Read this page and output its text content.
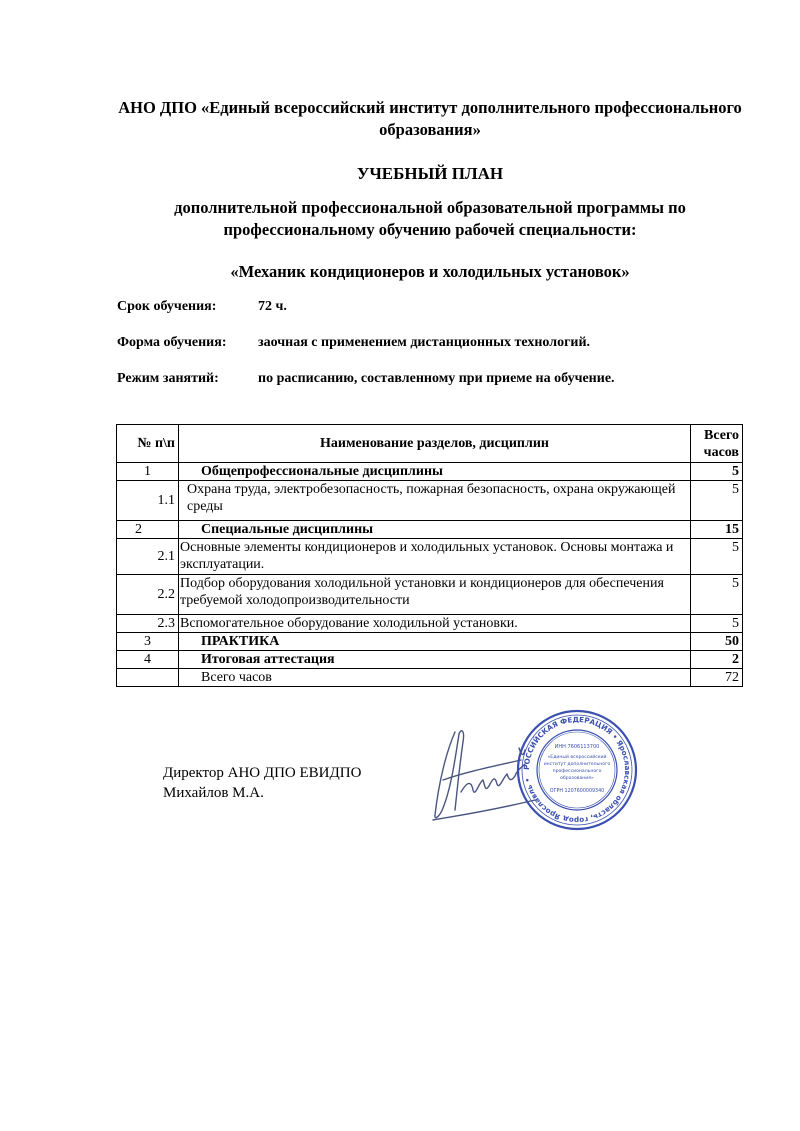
АНО ДПО «Единый всероссийский институт дополнительного профессионального образования»
УЧЕБНЫЙ ПЛАН
дополнительной профессиональной образовательной программы по профессиональному обучению рабочей специальности:
«Механик кондиционеров и холодильных установок»
Срок обучения:	72 ч.
Форма обучения: заочная с применением дистанционных технологий.
Режим занятий:	по расписанию, составленному при приеме на обучение.
№ п\п	Наименование разделов, дисциплин	Всего часов
1	Общепрофессиональные дисциплины	5
1.1	Охрана труда, электробезопасность, пожарная безопасность, охрана окружающей среды	5
2	Специальные дисциплины	15
2.1	Основные элементы кондиционеров и холодильных установок. Основы монтажа и эксплуатации.	5
2.2	Подбор оборудования холодильной установки и кондиционеров для обеспечения требуемой холодопроизводительности	5
2.3	Вспомогательное оборудование холодильной установки.	5
3	ПРАКТИКА	50
4	Итоговая аттестация	2
	Всего часов	72
Директор АНО ДПО ЕВИДПО
Михайлов М.А.
РОССИЙСКАЯ ФЕДЕРАЦИЯ • Ярославская область, город Ярославль •
ИНН 7606113700
«Единый всероссийский
институт дополнительного
профессионального
образования»
ОГРН 1207600009340
